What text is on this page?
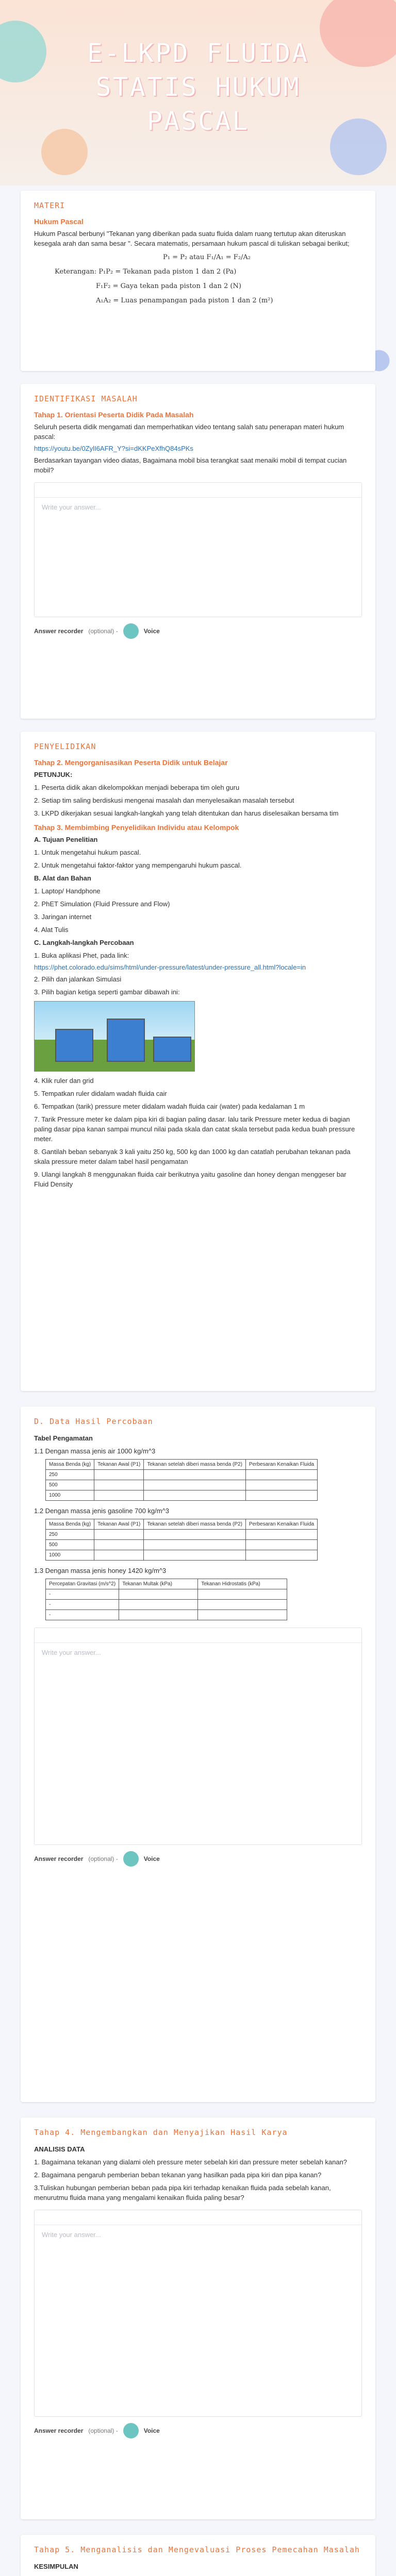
E-LKPD FLUIDA
STATIS HUKUM
PASCAL
MATERI
Hukum Pascal

Hukum Pascal berbunyi "Tekanan yang diberikan pada suatu fluida dalam ruang tertutup akan diteruskan kesegala arah dan sama besar ". Secara matematis, persamaan hukum pascal di tuliskan sebagai berikut;

P₁ = P₂ atau F₁/A₁ = F₂/A₂
Keterangan: P₁P₂ = Tekanan pada piston 1 dan 2 (Pa)
F₁F₂ = Gaya tekan pada piston 1 dan 2 (N)
A₁A₂ = Luas penampangan pada piston 1 dan 2 (m²)
IDENTIFIKASI MASALAH
Tahap 1. Orientasi Peserta Didik Pada Masalah

Seluruh peserta didik mengamati dan memperhatikan video tentang salah satu penerapan materi hukum pascal:

https://youtu.be/0ZylI6AFR_Y?si=dKKPeXfhQ84sPKs

Berdasarkan tayangan video diatas, Bagaimana mobil bisa terangkat saat menaiki mobil di tempat cucian mobil?

Write your answer...
Answer recorder (optional) -	Voice
PENYELIDIKAN
Tahap 2. Mengorganisasikan Peserta Didik untuk Belajar

PETUNJUK:

1. Peserta didik akan dikelompokkan menjadi beberapa tim oleh guru

2. Setiap tim saling berdiskusi mengenai masalah dan menyelesaikan masalah tersebut

3. LKPD dikerjakan sesuai langkah-langkah yang telah ditentukan dan harus diselesaikan bersama tim

Tahap 3. Membimbing Penyelidikan Individu atau Kelompok

A. Tujuan Penelitian

1. Untuk mengetahui hukum pascal.

2. Untuk mengetahui faktor-faktor yang mempengaruhi hukum pascal.

B. Alat dan Bahan

1. Laptop/ Handphone

2. PhET Simulation (Fluid Pressure and Flow)

3. Jaringan internet

4. Alat Tulis

C. Langkah-langkah Percobaan

1. Buka aplikasi Phet, pada link:

https://phet.colorado.edu/sims/html/under-pressure/latest/under-pressure_all.html?locale=in

2. Pilih dan jalankan Simulasi

3. Pilih bagian ketiga seperti gambar dibawah ini:

4. Klik ruler dan grid

5. Tempatkan ruler didalam wadah fluida cair

6. Tempatkan (tarik) pressure meter didalam wadah fluida cair (water) pada kedalaman 1 m

7. Tarik Pressure meter ke dalam pipa kiri di bagian paling dasar. lalu tarik Pressure meter kedua di bagian paling dasar pipa kanan sampai muncul nilai pada skala dan catat skala tersebut pada kedua buah pressure meter.

8. Gantilah beban sebanyak 3 kali yaitu 250 kg, 500 kg dan 1000 kg dan catatlah perubahan tekanan pada skala pressure meter dalam tabel hasil pengamatan

9. Ulangi langkah 8 menggunakan fluida cair berikutnya yaitu gasoline dan honey dengan menggeser bar Fluid Density

D. Data Hasil Percobaan

Tabel Pengamatan

1.1 Dengan massa jenis air 1000 kg/m^3

Massa Benda (kg)	Tekanan Awal (P1)	Tekanan setelah diberi massa benda (P2)	Perbesaran Kenaikan Fluida
250			
500			
1000			

1.2 Dengan massa jenis gasoline 700 kg/m^3

Massa Benda (kg)	Tekanan Awal (P1)	Tekanan setelah diberi massa benda (P2)	Perbesaran Kenaikan Fluida
250			
500			
1000			

1.3 Dengan massa jenis honey 1420 kg/m^3

Percepatan Gravitasi (m/s^2)	Tekanan Multak (kPa)	Tekanan Hidrostatis (kPa)
-		
-		
-		
Write your answer...
Answer recorder (optional) -	Voice
Tahap 4. Mengembangkan dan Menyajikan Hasil Karya

ANALISIS DATA

1. Bagaimana tekanan yang dialami oleh pressure meter sebelah kiri dan pressure meter sebelah kanan?

2. Bagaimana pengaruh pemberian beban tekanan yang hasilkan pada pipa kiri dan pipa kanan?

3.Tuliskan hubungan pemberian beban pada pipa kiri terhadap kenaikan fluida pada sebelah kanan, menurutmu fluida mana yang mengalami kenaikan fluida paling besar?

Write your answer...
Answer recorder (optional) -	Voice
Tahap 5. Menganalisis dan Mengevaluasi Proses Pemecahan Masalah

KESIMPULAN
